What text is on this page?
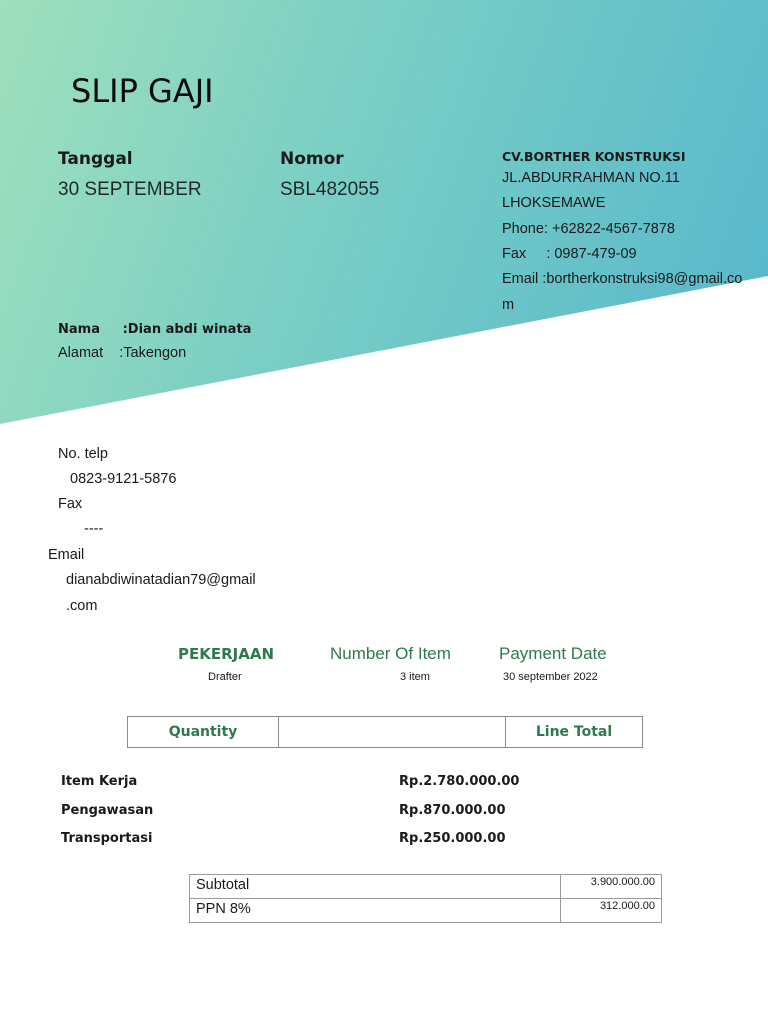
SLIP GAJI
Tanggal
30 SEPTEMBER
Nomor
SBL482055
CV.BORTHER KONSTRUKSI
JL.ABDURRAHMAN NO.11
LHOKSEMAWE
Phone: +62822-4567-7878
Fax     : 0987-479-09
Email :bortherkonstruksi98@gmail.co
m
Nama     :Dian abdi winata
Alamat    :Takengon
No. telp
0823-9121-5876
Fax
----
Email
dianabdiwinatadian79@gmail
.com
PEKERJAAN
Drafter
Number Of Item
3 item
Payment Date
30 september 2022
Quantity	Line Total
Item Kerja	Rp.2.780.000.00
Pengawasan	Rp.870.000.00
Transportasi	Rp.250.000.00
Subtotal	3.900.000.00
PPN 8%	312.000.00
